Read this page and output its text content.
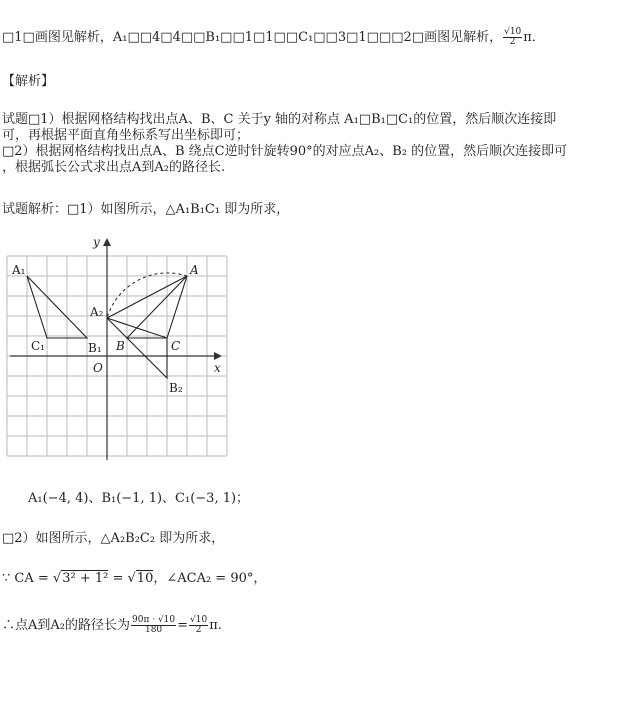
□1□画图见解析，A₁□□4□4□□B₁□□1□1□□C₁□□3□1□□□2□画图见解析， $\frac{√10}{2}$ π．
【解析】
试题□1）根据网格结构找出点A、B、C 关于y 轴的对称点 A₁□B₁□C₁的位置，然后顺次连接即
可，再根据平面直角坐标系写出坐标即可；
□2）根据网格结构找出点A、B 绕点C逆时针旋转90°的对应点A₂、B₂ 的位置，然后顺次连接即可
，根据弧长公式求出点A到A₂的路径长.
试题解析：□1）如图所示，△A₁B₁C₁ 即为所求，
y
x
O
A₁
A₂
A
B
B₁
B₂
C
C₁
A₁(−4, 4)、B₁(−1, 1)、C₁(−3, 1)；
□2）如图所示，△A₂B₂C₂ 即为所求，
∵ CA = √3² + 1² = √10，∠ACA₂ = 90°，
∴点A到A₂的路径长为 $\frac{90\pi \cdot √10}{180} = \frac{√10}{2} \pi$.
